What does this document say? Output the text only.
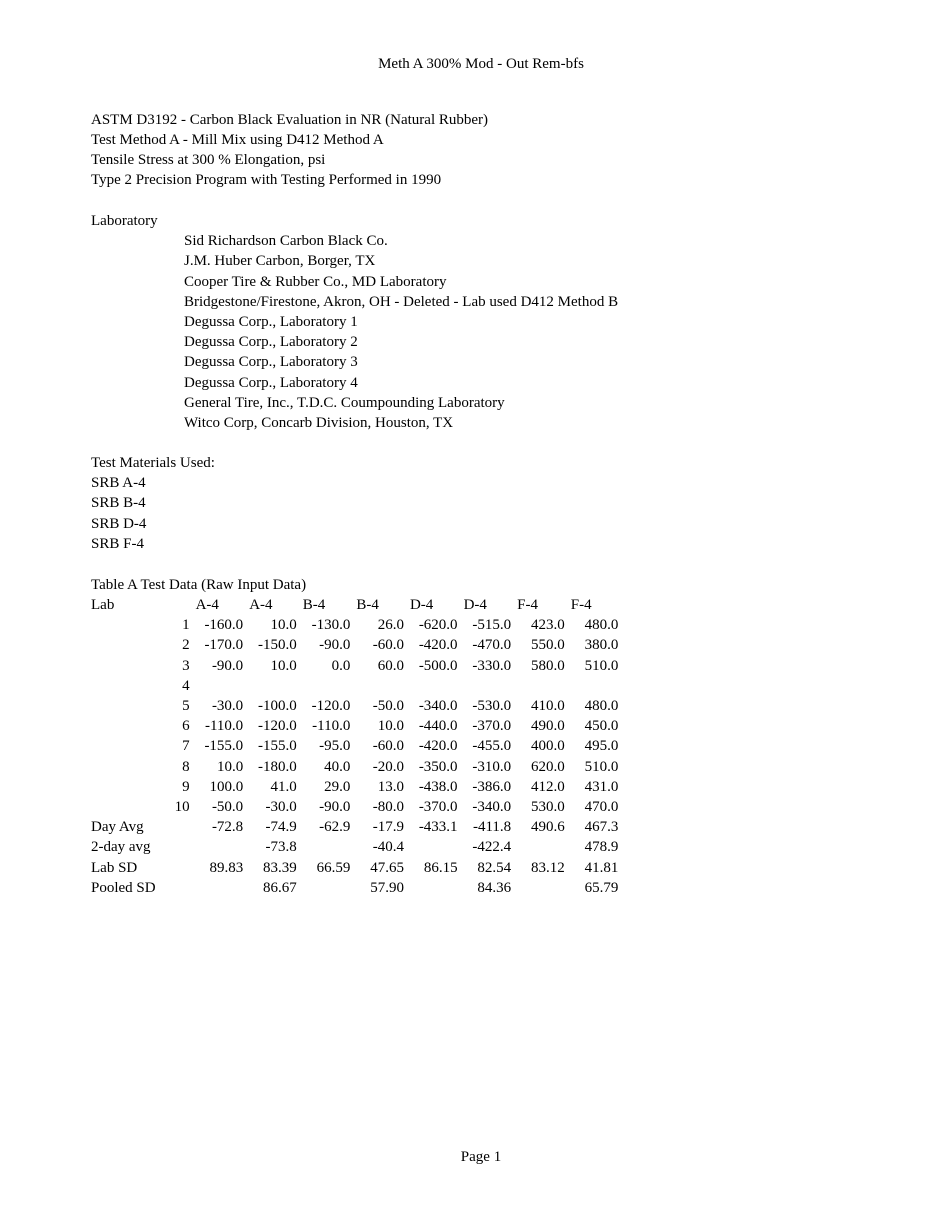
Meth A 300% Mod - Out Rem-bfs
ASTM D3192 - Carbon Black Evaluation in NR (Natural Rubber)
Test Method A - Mill Mix using D412 Method A
Tensile Stress at 300 % Elongation, psi
Type 2 Precision Program with Testing Performed in 1990
Laboratory
Sid Richardson Carbon Black Co.
J.M. Huber Carbon, Borger, TX
Cooper Tire & Rubber Co., MD Laboratory
Bridgestone/Firestone, Akron, OH - Deleted - Lab used D412 Method B
Degussa Corp., Laboratory 1
Degussa Corp., Laboratory 2
Degussa Corp., Laboratory 3
Degussa Corp., Laboratory 4
General Tire, Inc., T.D.C. Coumpounding Laboratory
Witco Corp, Concarb Division, Houston, TX
Test Materials Used:
SRB A-4
SRB B-4
SRB D-4
SRB F-4
Table A Test Data (Raw Input Data)
Lab		A-4	A-4	B-4	B-4	D-4	D-4	F-4	F-4
	1	-160.0	10.0	-130.0	26.0	-620.0	-515.0	423.0	480.0
	2	-170.0	-150.0	-90.0	-60.0	-420.0	-470.0	550.0	380.0
	3	-90.0	10.0	0.0	60.0	-500.0	-330.0	580.0	510.0
	4								
	5	-30.0	-100.0	-120.0	-50.0	-340.0	-530.0	410.0	480.0
	6	-110.0	-120.0	-110.0	10.0	-440.0	-370.0	490.0	450.0
	7	-155.0	-155.0	-95.0	-60.0	-420.0	-455.0	400.0	495.0
	8	10.0	-180.0	40.0	-20.0	-350.0	-310.0	620.0	510.0
	9	100.0	41.0	29.0	13.0	-438.0	-386.0	412.0	431.0
	10	-50.0	-30.0	-90.0	-80.0	-370.0	-340.0	530.0	470.0
Day Avg		-72.8	-74.9	-62.9	-17.9	-433.1	-411.8	490.6	467.3
2-day avg			-73.8		-40.4		-422.4		478.9
Lab SD		89.83	83.39	66.59	47.65	86.15	82.54	83.12	41.81
Pooled SD			86.67		57.90		84.36		65.79
Page 1
